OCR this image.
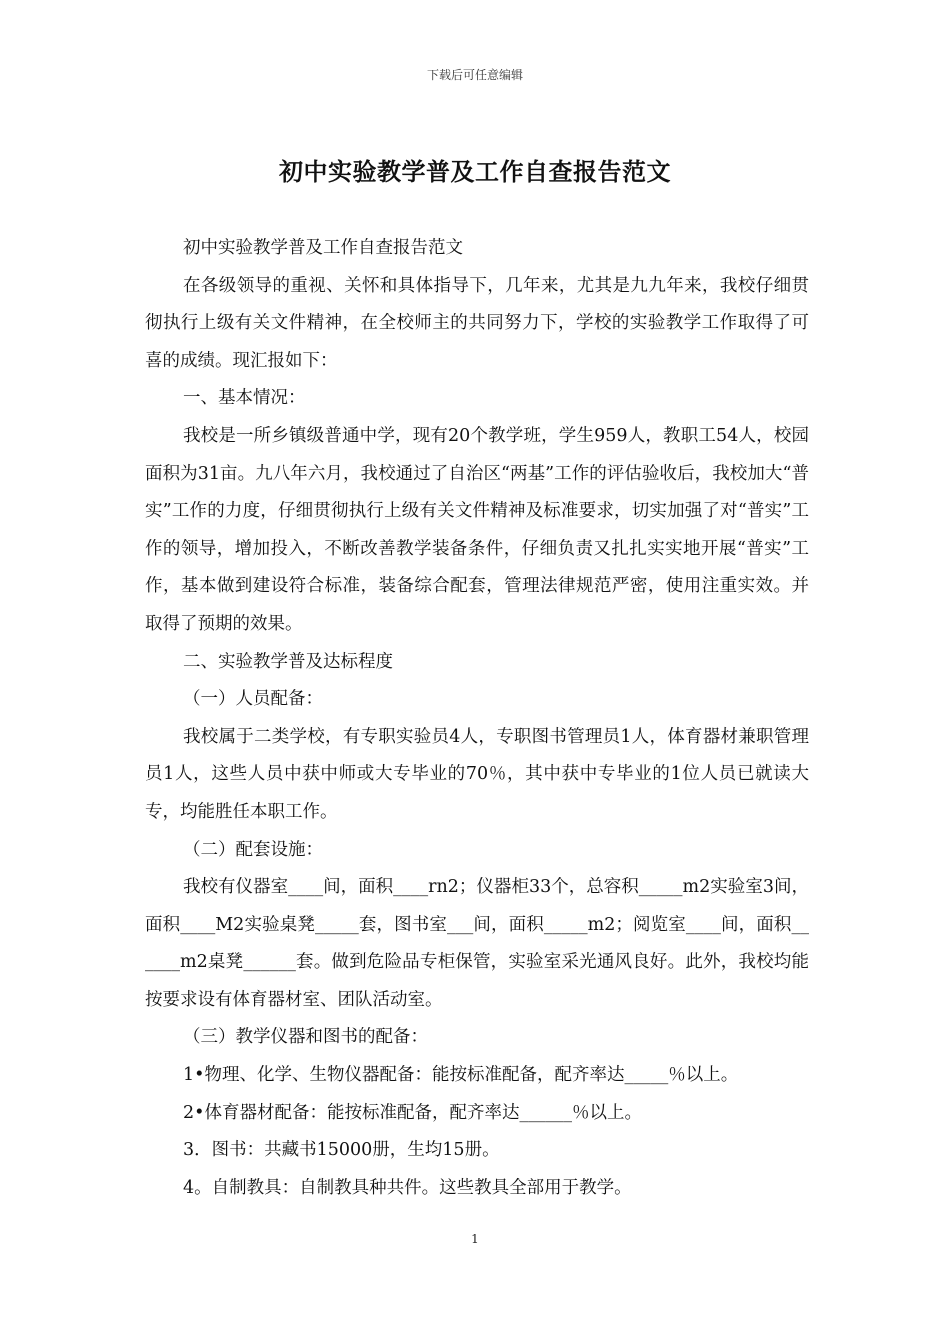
下载后可任意编辑
初中实验教学普及工作自查报告范文

初中实验教学普及工作自查报告范文

在各级领导的重视、关怀和具体指导下，几年来，尤其是九九年来，我校仔细贯彻执行上级有关文件精神，在全校师主的共同努力下，学校的实验教学工作取得了可喜的成绩。现汇报如下：

一、基本情况：

我校是一所乡镇级普通中学，现有20个教学班，学生959人，教职工54人，校园面积为31亩。九八年六月，我校通过了自治区“两基”工作的评估验收后，我校加大“普实”工作的力度，仔细贯彻执行上级有关文件精神及标准要求，切实加强了对“普实”工作的领导，增加投入，不断改善教学装备条件，仔细负责又扎扎实实地开展“普实”工作，基本做到建设符合标准，装备综合配套，管理法律规范严密，使用注重实效。并取得了预期的效果。

二、实验教学普及达标程度

（一）人员配备：

我校属于二类学校，有专职实验员4人，专职图书管理员1人，体育器材兼职管理员1人，这些人员中获中师或大专毕业的70％，其中获中专毕业的1位人员已就读大专，均能胜任本职工作。

（二）配套设施：

我校有仪器室____间，面积____rn2；仪器柜33个，总容积_____m2实验室3间，面积____M2实验桌凳_____套，图书室___间，面积_____m2；阅览室____间，面积______m2桌凳______套。做到危险品专柜保管，实验室采光通风良好。此外，我校均能按要求设有体育器材室、团队活动室。

（三）教学仪器和图书的配备：

1•物理、化学、生物仪器配备：能按标准配备，配齐率达_____％以上。

2•体育器材配备：能按标准配备，配齐率达______％以上。

3．图书：共藏书15000册，生均15册。

4。自制教具：自制教具种共件。这些教具全部用于教学。

1
